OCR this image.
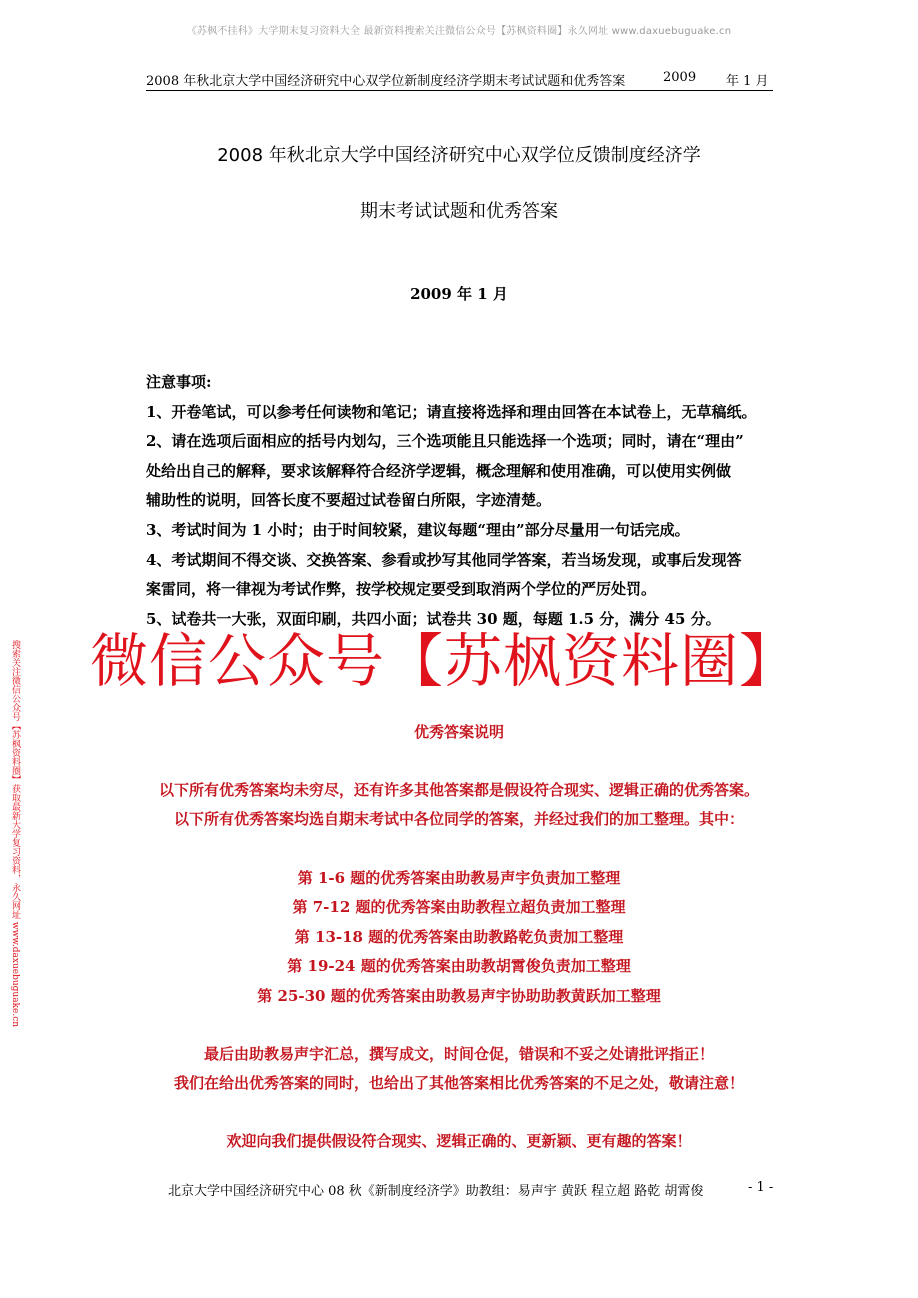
《苏枫不挂科》大学期末复习资料大全 最新资料搜索关注微信公众号【苏枫资料圈】永久网址 www.daxuebuguake.cn
2008 年秋北京大学中国经济研究中心双学位新制度经济学期末考试试题和优秀答案	2009 年 1 月
2008 年秋北京大学中国经济研究中心双学位反馈制度经济学
期末考试试题和优秀答案
2009 年 1 月
注意事项:
1、开卷笔试，可以参考任何读物和笔记；请直接将选择和理由回答在本试卷上，无草稿纸。
2、请在选项后面相应的括号内划勾，三个选项能且只能选择一个选项；同时，请在“理由”
处给出自己的解释，要求该解释符合经济学逻辑，概念理解和使用准确，可以使用实例做
辅助性的说明，回答长度不要超过试卷留白所限，字迹清楚。
3、考试时间为 1 小时；由于时间较紧，建议每题“理由”部分尽量用一句话完成。
4、考试期间不得交谈、交换答案、参看或抄写其他同学答案，若当场发现，或事后发现答
案雷同，将一律视为考试作弊，按学校规定要受到取消两个学位的严厉处罚。
5、试卷共一大张，双面印刷，共四小面；试卷共 30 题，每题 1.5 分，满分 45 分。
微信公众号【苏枫资料圈】
搜索关注微信公众号【苏枫资料圈】获取最新大学复习资料，永久网址 www.daxuebuguake.cn	优秀答案说明
以下所有优秀答案均未穷尽，还有许多其他答案都是假设符合现实、逻辑正确的优秀答案。
以下所有优秀答案均选自期末考试中各位同学的答案，并经过我们的加工整理。其中：
第 1-6 题的优秀答案由助教易声宇负责加工整理
第 7-12 题的优秀答案由助教程立超负责加工整理
第 13-18 题的优秀答案由助教路乾负责加工整理
第 19-24 题的优秀答案由助教胡霄俊负责加工整理
第 25-30 题的优秀答案由助教易声宇协助助教黄跃加工整理
最后由助教易声宇汇总，撰写成文，时间仓促，错误和不妥之处请批评指正！
我们在给出优秀答案的同时，也给出了其他答案相比优秀答案的不足之处，敬请注意！
欢迎向我们提供假设符合现实、逻辑正确的、更新颖、更有趣的答案！
北京大学中国经济研究中心 08 秋《新制度经济学》助教组：易声宇 黄跃 程立超 路乾 胡霄俊	- 1 -
